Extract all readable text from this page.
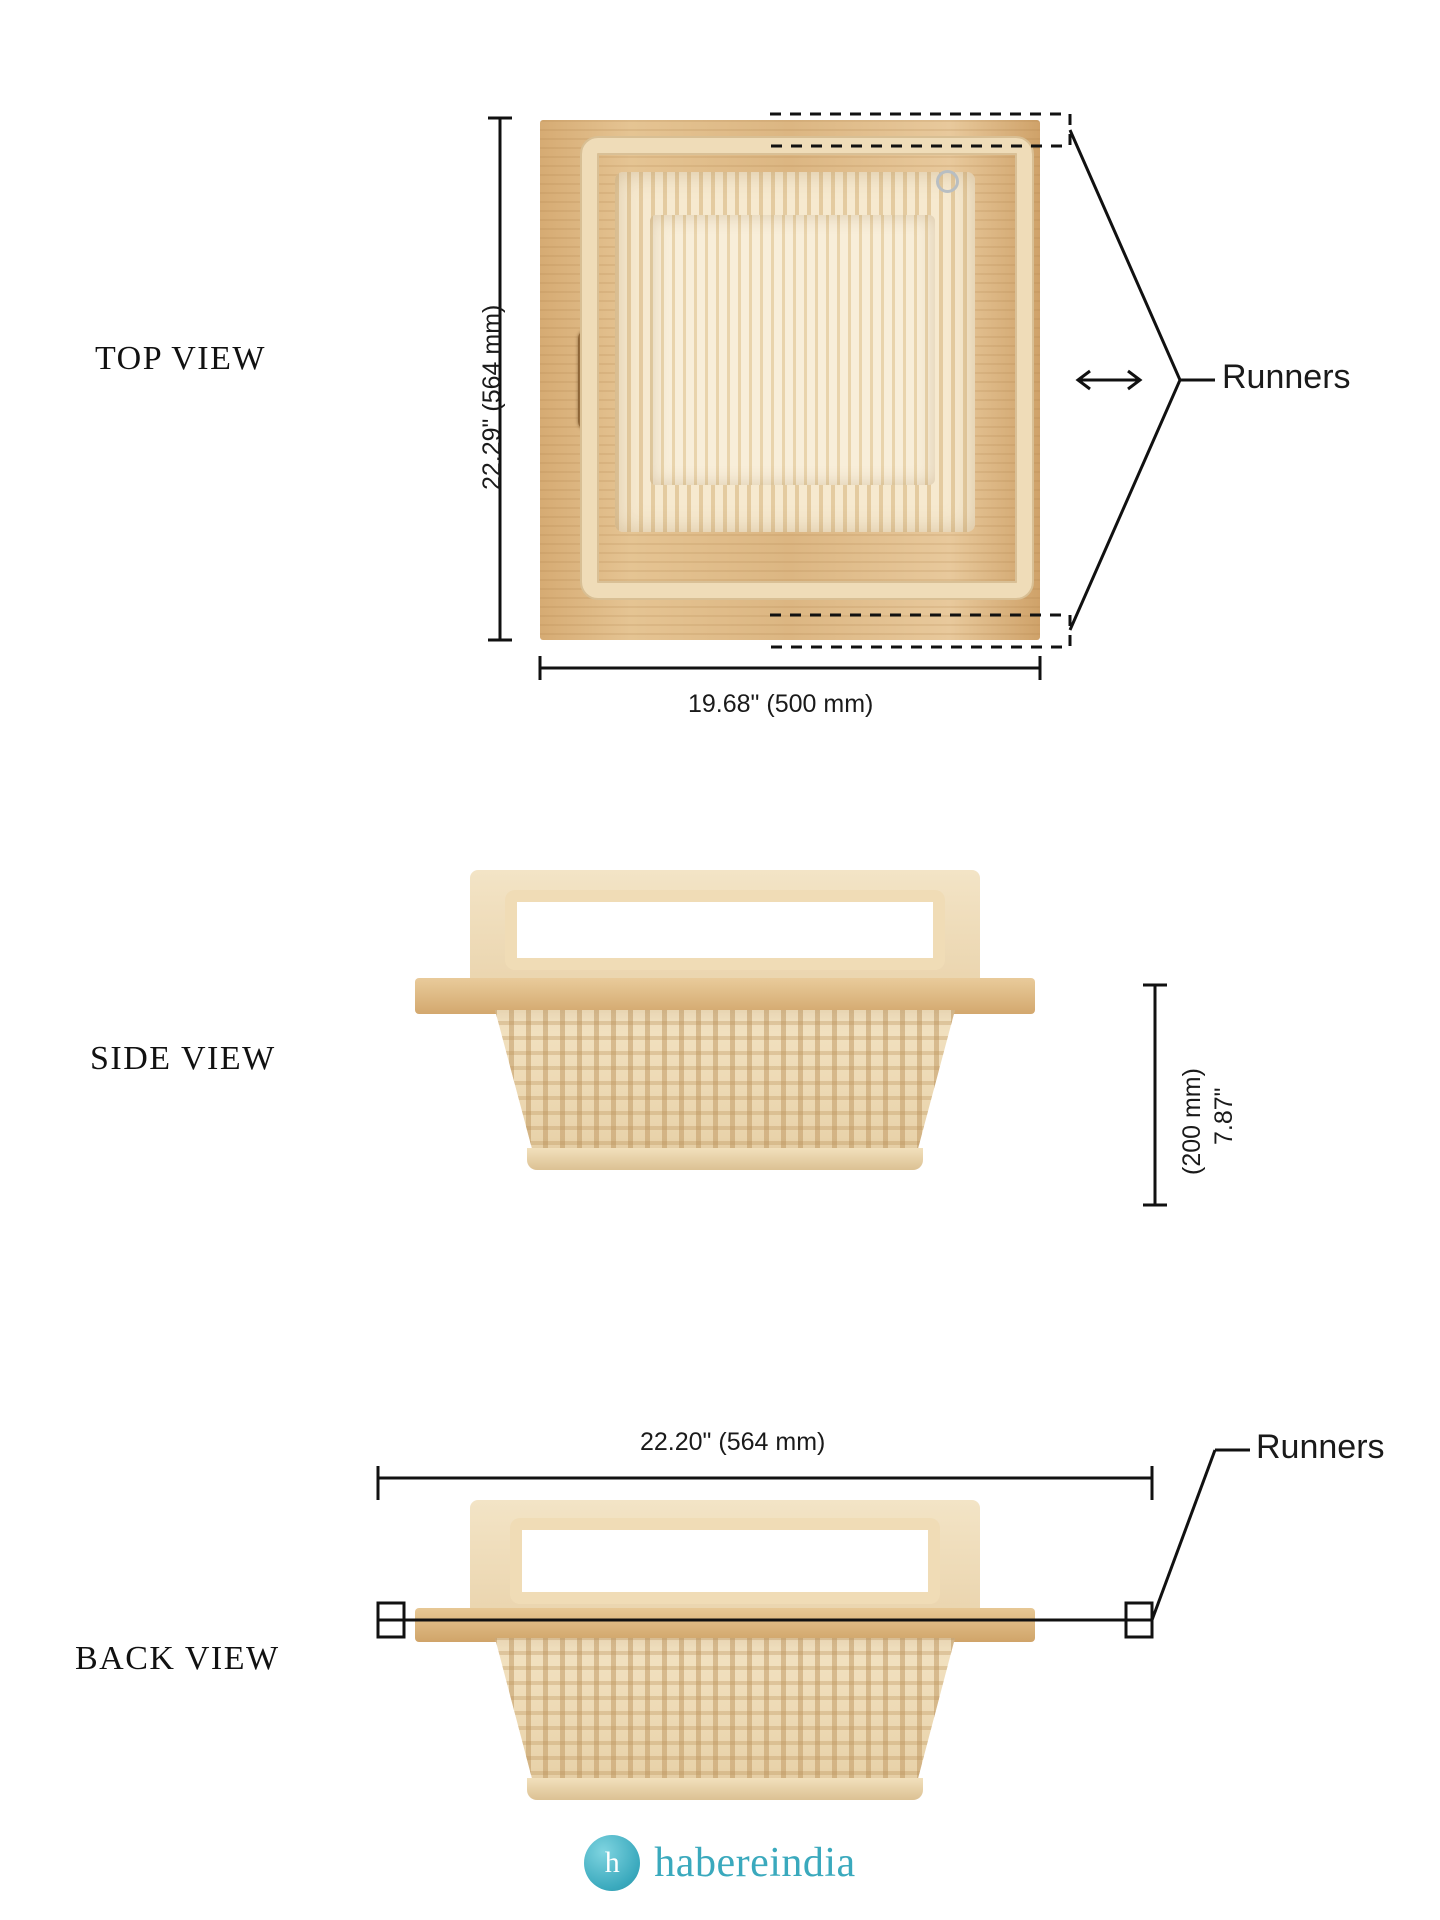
TOP VIEW
SIDE VIEW
BACK VIEW
22.29" (564 mm)
19.68" (500 mm)
7.87"
(200 mm)
22.20" (564 mm)
Runners
Runners
h habereindia
